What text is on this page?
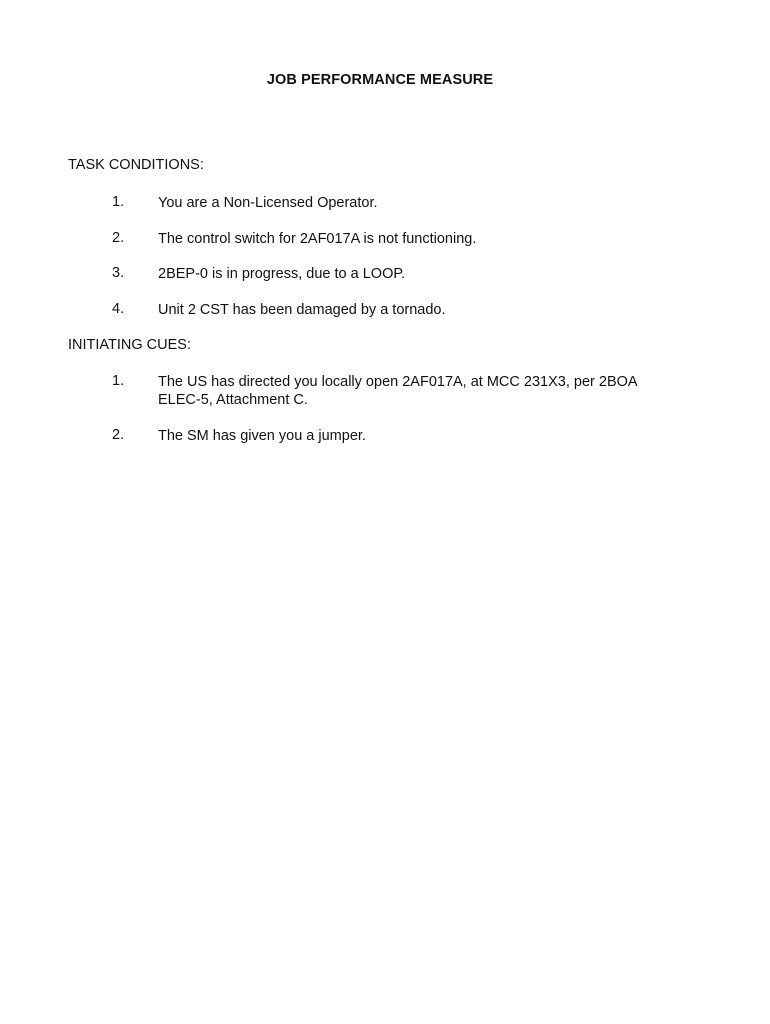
JOB PERFORMANCE MEASURE
TASK CONDITIONS:
1. You are a Non-Licensed Operator.
2. The control switch for 2AF017A is not functioning.
3. 2BEP-0 is in progress, due to a LOOP.
4. Unit 2 CST has been damaged by a tornado.
INITIATING CUES:
1. The US has directed you locally open 2AF017A, at MCC 231X3, per 2BOA ELEC-5, Attachment C.
2. The SM has given you a jumper.
